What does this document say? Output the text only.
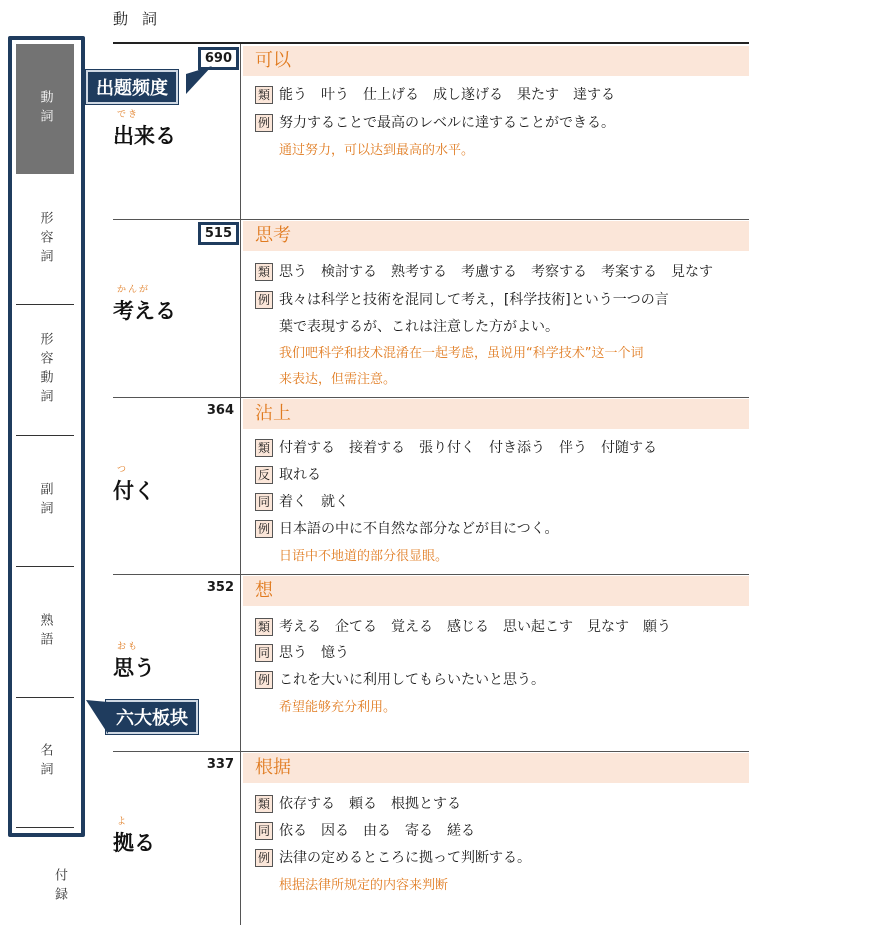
動詞
形容詞
形容動詞
副詞
熟語
名詞
付録
動詞
690
でき
出来る
可以
類 能う　叶う　仕上げる　成し遂げる　果たす　達する
例 努力することで最高のレベルに達することができる。
通过努力，可以达到最高的水平。
515
かんが
考える
思考
類 思う　検討する　熟考する　考慮する　考察する　考案する　見なす
例 我々は科学と技術を混同して考え，[科学技術]という一つの言
葉で表現するが、これは注意した方がよい。
我们吧科学和技术混淆在一起考虑，虽说用“科学技术”这一个词
来表达，但需注意。
364
つ
付く
沾上
類 付着する　接着する　張り付く　付き添う　伴う　付随する
反 取れる
同 着く　就く
例 日本語の中に不自然な部分などが目につく。
日语中不地道的部分很显眼。
352
おも
思う
想
類 考える　企てる　覚える　感じる　思い起こす　見なす　願う
同 思う　憶う
例 これを大いに利用してもらいたいと思う。
希望能够充分利用。
337
よ
拠る
根据
類 依存する　頼る　根拠とする
同 依る　因る　由る　寄る　縒る
例 法律の定めるところに拠って判断する。
根据法律所规定的内容来判断
出题频度
六大板块
